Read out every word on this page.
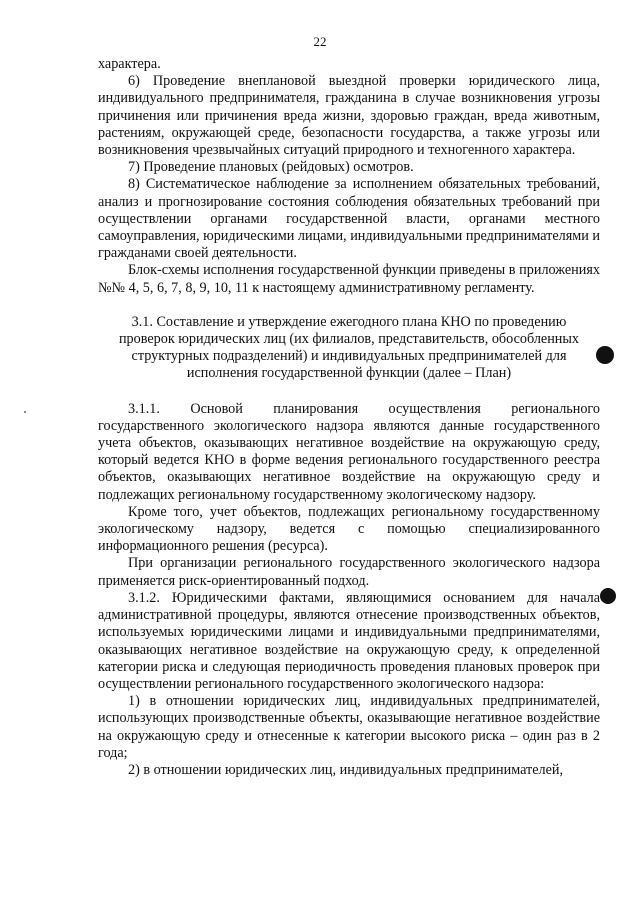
22

характера.

6) Проведение внеплановой выездной проверки юридического лица, индивидуального предпринимателя, гражданина в случае возникновения угрозы причинения или причинения вреда жизни, здоровью граждан, вреда животным, растениям, окружающей среде, безопасности государства, а также угрозы или возникновения чрезвычайных ситуаций природного и техногенного характера.

7) Проведение плановых (рейдовых) осмотров.

8) Систематическое наблюдение за исполнением обязательных требований, анализ и прогнозирование состояния соблюдения обязательных требований при осуществлении органами государственной власти, органами местного самоуправления, юридическими лицами, индивидуальными предпринимателями и гражданами своей деятельности.

Блок-схемы исполнения государственной функции приведены в приложениях №№ 4, 5, 6, 7, 8, 9, 10, 11 к настоящему административному регламенту.

3.1. Составление и утверждение ежегодного плана КНО по проведению проверок юридических лиц (их филиалов, представительств, обособленных структурных подразделений) и индивидуальных предпринимателей для исполнения государственной функции (далее – План)

3.1.1. Основой планирования осуществления регионального государственного экологического надзора являются данные государственного учета объектов, оказывающих негативное воздействие на окружающую среду, который ведется КНО в форме ведения регионального государственного реестра объектов, оказывающих негативное воздействие на окружающую среду и подлежащих региональному государственному экологическому надзору.

Кроме того, учет объектов, подлежащих региональному государственному экологическому надзору, ведется с помощью специализированного информационного решения (ресурса).

При организации регионального государственного экологического надзора применяется риск-ориентированный подход.

3.1.2. Юридическими фактами, являющимися основанием для начала административной процедуры, являются отнесение производственных объектов, используемых юридическими лицами и индивидуальными предпринимателями, оказывающих негативное воздействие на окружающую среду, к определенной категории риска и следующая периодичность проведения плановых проверок при осуществлении регионального государственного экологического надзора:

1) в отношении юридических лиц, индивидуальных предпринимателей, использующих производственные объекты, оказывающие негативное воздействие на окружающую среду и отнесенные к категории высокого риска – один раз в 2 года;

2) в отношении юридических лиц, индивидуальных предпринимателей,
